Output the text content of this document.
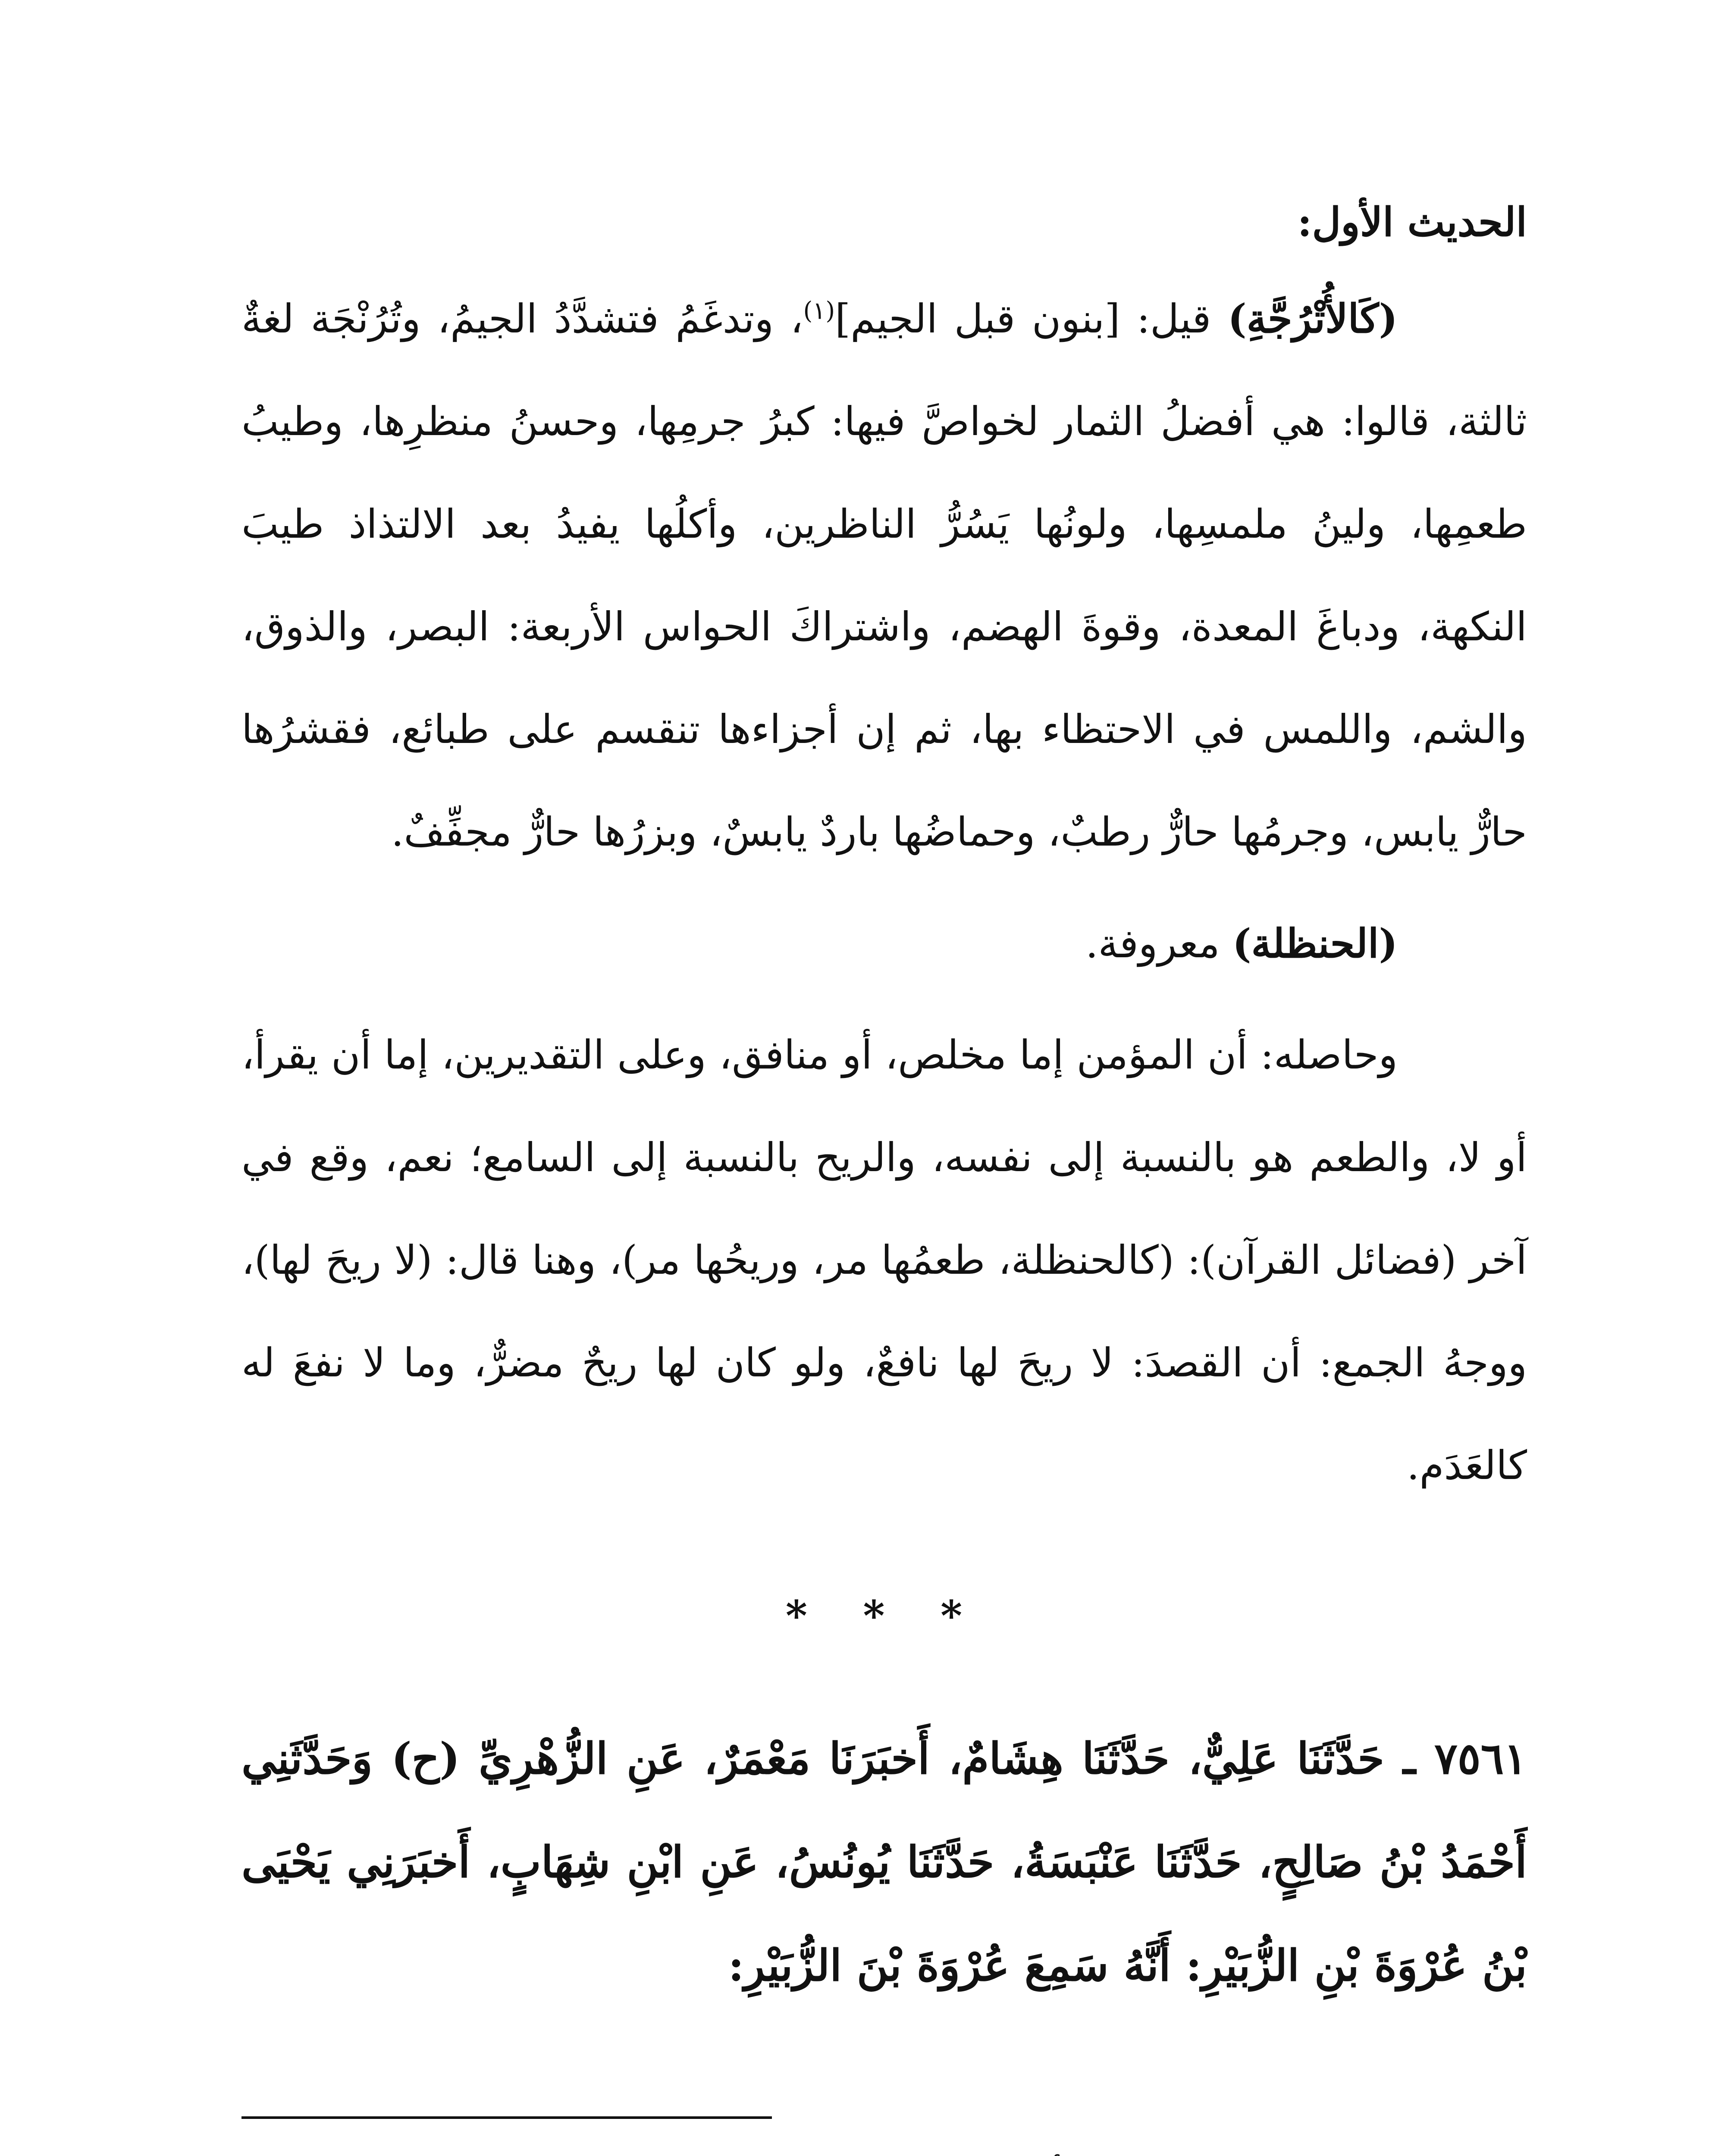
الحديث الأول:

(كَالأُتْرُجَّةِ) قيل: [بنون قبل الجيم]$^{(١)}$، وتدغَمُ فتشدَّدُ الجيمُ، وتُرُنْجَة لغةٌ ثالثة، قالوا: هي أفضلُ الثمار لخواصَّ فيها: كبرُ جرمِها، وحسنُ منظرِها، وطيبُ طعمِها، ولينُ ملمسِها، ولونُها يَسُرُّ الناظرين، وأكلُها يفيدُ بعد الالتذاذ طيبَ النكهة، ودباغَ المعدة، وقوةَ الهضم، واشتراكَ الحواس الأربعة: البصر، والذوق، والشم، واللمس في الاحتظاء بها، ثم إن أجزاءها تنقسم على طبائع، فقشرُها حارٌّ يابس، وجرمُها حارٌّ رطبٌ، وحماضُها باردٌ يابسٌ، وبزرُها حارٌّ مجفِّفٌ.

(الحنظلة) معروفة.

وحاصله: أن المؤمن إما مخلص، أو منافق، وعلى التقديرين، إما أن يقرأ، أو لا، والطعم هو بالنسبة إلى نفسه، والريح بالنسبة إلى السامع؛ نعم، وقع في آخر (فضائل القرآن): (كالحنظلة، طعمُها مر، وريحُها مر)، وهنا قال: (لا ريحَ لها)، ووجهُ الجمع: أن القصدَ: لا ريحَ لها نافعٌ، ولو كان لها ريحٌ مضرٌّ، وما لا نفعَ له كالعَدَم.

* * *

٧٥٦١ ـ حَدَّثَنَا عَلِيٌّ، حَدَّثَنَا هِشَامٌ، أَخبَرَنَا مَعْمَرٌ، عَنِ الزُّهْرِيِّ (ح) وَحَدَّثَنِي أَحْمَدُ بْنُ صَالِحٍ، حَدَّثَنَا عَنْبَسَةُ، حَدَّثَنَا يُونُسُ، عَنِ ابْنِ شِهَابٍ، أَخبَرَنِي يَحْيَى بْنُ عُرْوَةَ بْنِ الزُّبَيْرِ: أَنَّهُ سَمِعَ عُرْوَةَ بْنَ الزُّبَيْرِ:
